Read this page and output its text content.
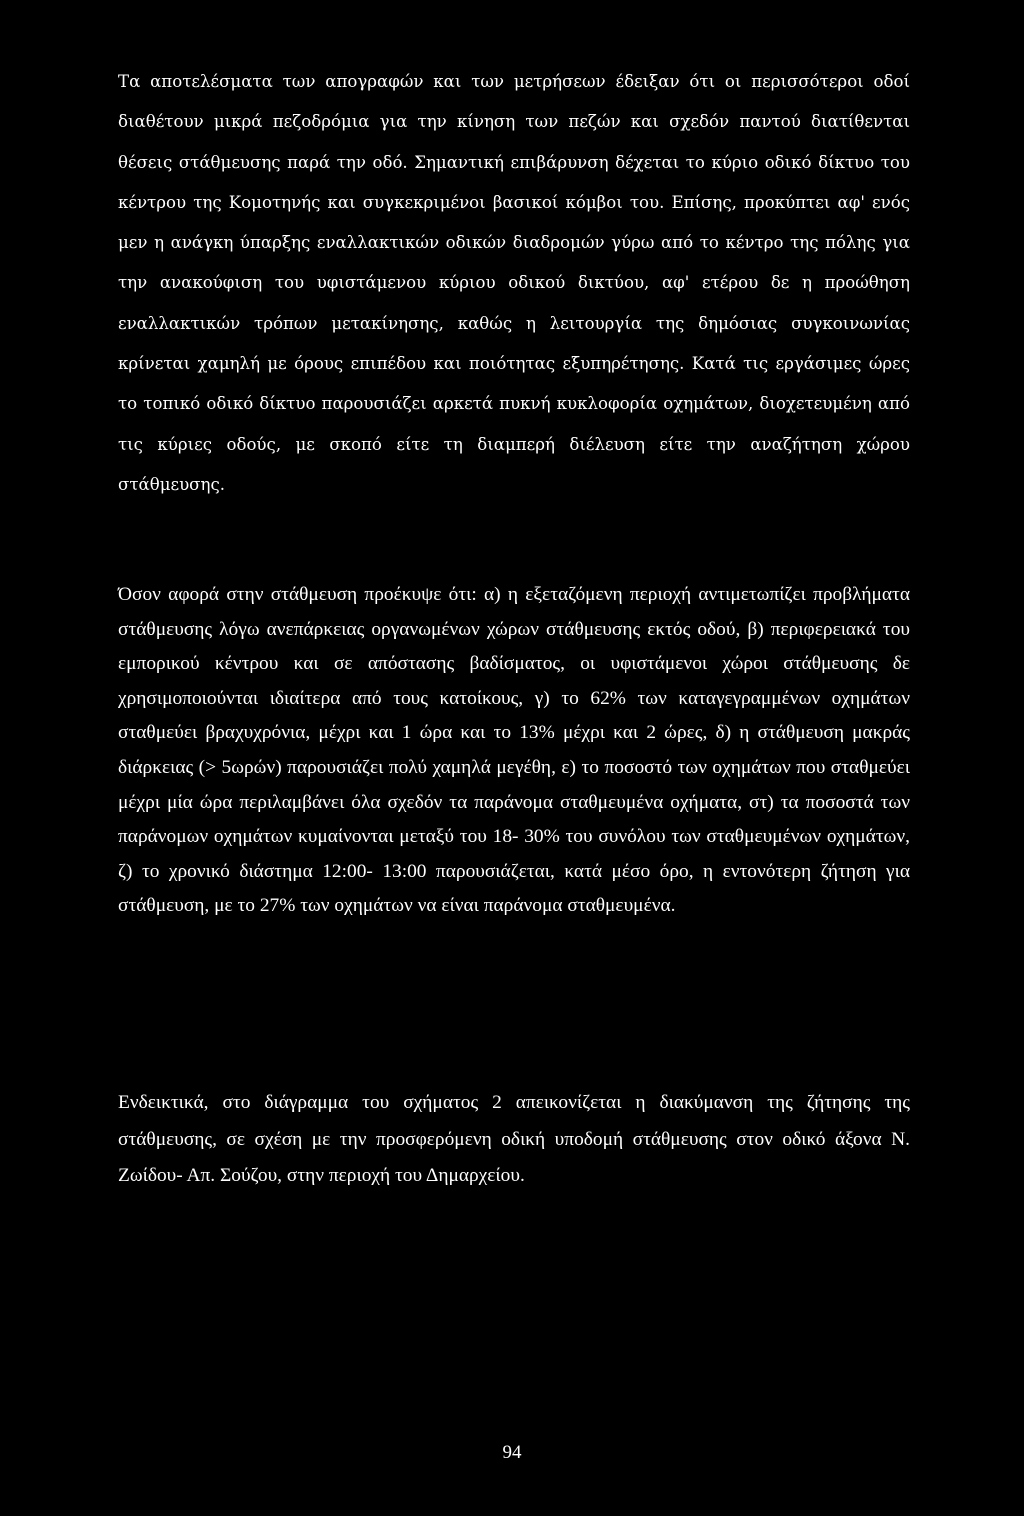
Τα αποτελέσματα των απογραφών και των μετρήσεων έδειξαν ότι οι περισσότεροι οδοί διαθέτουν μικρά πεζοδρόμια για την κίνηση των πεζών και σχεδόν παντού διατίθενται θέσεις στάθμευσης παρά την οδό. Σημαντική επιβάρυνση δέχεται το κύριο οδικό δίκτυο του κέντρου της Κομοτηνής και συγκεκριμένοι βασικοί κόμβοι του. Επίσης, προκύπτει αφ' ενός μεν η ανάγκη ύπαρξης εναλλακτικών οδικών διαδρομών γύρω από το κέντρο της πόλης για την ανακούφιση του υφιστάμενου κύριου οδικού δικτύου, αφ' ετέρου δε η προώθηση εναλλακτικών τρόπων μετακίνησης, καθώς η λειτουργία της δημόσιας συγκοινωνίας κρίνεται χαμηλή με όρους επιπέδου και ποιότητας εξυπηρέτησης. Κατά τις εργάσιμες ώρες το τοπικό οδικό δίκτυο παρουσιάζει αρκετά πυκνή κυκλοφορία οχημάτων, διοχετευμένη από τις κύριες οδούς, με σκοπό είτε τη διαμπερή διέλευση είτε την αναζήτηση χώρου στάθμευσης.

Όσον αφορά στην στάθμευση προέκυψε ότι: α) η εξεταζόμενη περιοχή αντιμετωπίζει προβλήματα στάθμευσης λόγω ανεπάρκειας οργανωμένων χώρων στάθμευσης εκτός οδού, β) περιφερειακά του εμπορικού κέντρου και σε απόστασης βαδίσματος, οι υφιστάμενοι χώροι στάθμευσης δε χρησιμοποιούνται ιδιαίτερα από τους κατοίκους, γ) το 62% των καταγεγραμμένων οχημάτων σταθμεύει βραχυχρόνια, μέχρι και 1 ώρα και το 13% μέχρι και 2 ώρες, δ) η στάθμευση μακράς διάρκειας (> 5ωρών) παρουσιάζει πολύ χαμηλά μεγέθη, ε) το ποσοστό των οχημάτων που σταθμεύει μέχρι μία ώρα περιλαμβάνει όλα σχεδόν τα παράνομα σταθμευμένα οχήματα, στ) τα ποσοστά των παράνομων οχημάτων κυμαίνονται μεταξύ του 18- 30% του συνόλου των σταθμευμένων οχημάτων, ζ) το χρονικό διάστημα 12:00- 13:00 παρουσιάζεται, κατά μέσο όρο, η εντονότερη ζήτηση για στάθμευση, με το 27% των οχημάτων να είναι παράνομα σταθμευμένα.

Ενδεικτικά, στο διάγραμμα του σχήματος 2 απεικονίζεται η διακύμανση της ζήτησης της στάθμευσης, σε σχέση με την προσφερόμενη οδική υποδομή στάθμευσης στον οδικό άξονα Ν. Ζωίδου- Απ. Σούζου, στην περιοχή του Δημαρχείου.

94
